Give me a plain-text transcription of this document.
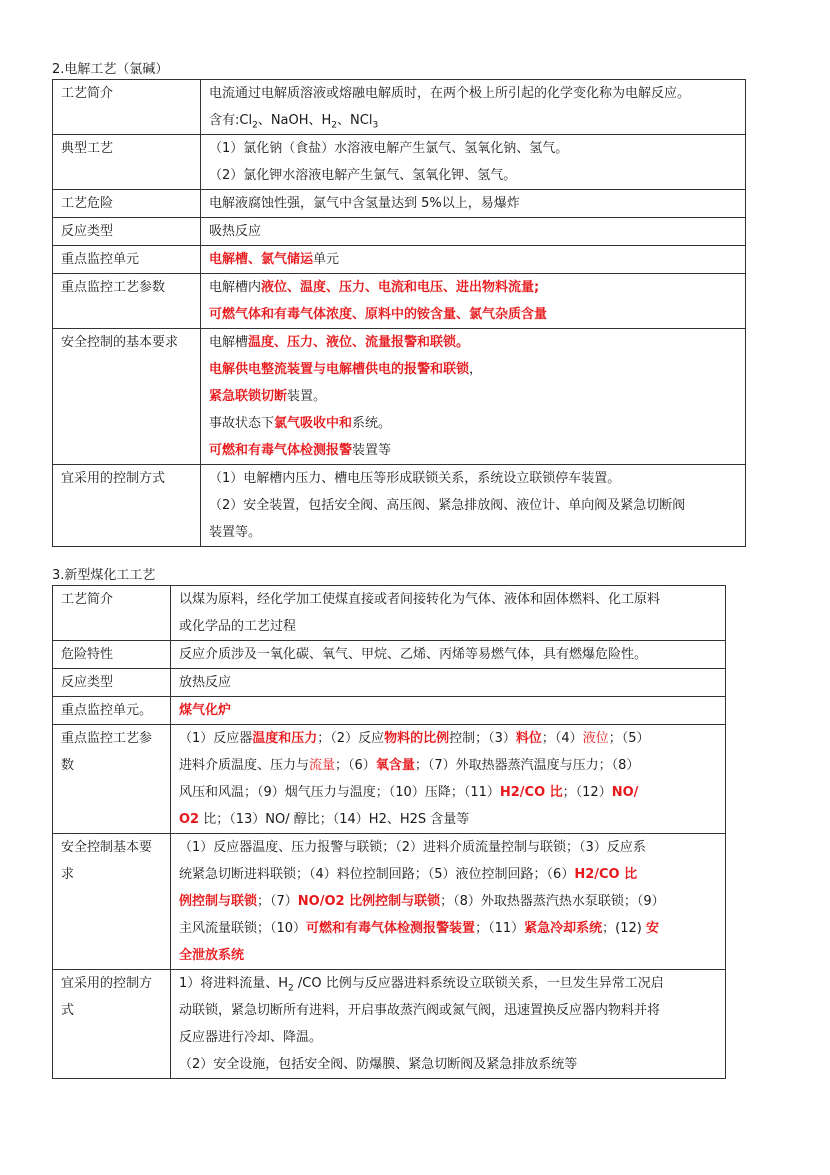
2.电解工艺（氯碱）
工艺简介	电流通过电解质溶液或熔融电解质时，在两个极上所引起的化学变化称为电解反应。
含有$:Cl_2$、NaOH、$H_2$、NCl$_3$

典型工艺	（1）氯化钠（食盐）水溶液电解产生氯气、氢氧化钠、氢气。
（2）氯化钾水溶液电解产生氯气、氢氧化钾、氢气。

工艺危险	电解液腐蚀性强，氯气中含氢量达到 5%以上，易爆炸
反应类型	吸热反应
重点监控单元	电解槽、氯气储运单元
重点监控工艺参数	电解槽内液位、温度、压力、电流和电压、进出物料流量;
可燃气体和有毒气体浓度、原料中的铵含量、氯气杂质含量

安全控制的基本要求	电解槽温度、压力、液位、流量报警和联锁。
电解供电整流装置与电解槽供电的报警和联锁，
紧急联锁切断装置。
事故状态下氯气吸收中和系统。
可燃和有毒气体检测报警装置等

宜采用的控制方式	（1）电解槽内压力、槽电压等形成联锁关系，系统设立联锁停车装置。
（2）安全装置，包括安全阀、高压阀、紧急排放阀、液位计、单向阀及紧急切断阀
装置等。
3.新型煤化工工艺
工艺简介	以煤为原料，经化学加工使煤直接或者间接转化为气体、液体和固体燃料、化工原料
或化学品的工艺过程

危险特性	反应介质涉及一氧化碳、氧气、甲烷、乙烯、丙烯等易燃气体，具有燃爆危险性。
反应类型	放热反应
重点监控单元。	煤气化炉

重点监控工艺参
数	（1）反应器温度和压力；（2）反应物料的比例控制；（3）料位；（4）液位；（5）
进料介质温度、压力与流量；（6）氧含量；（7）外取热器蒸汽温度与压力；（8）
风压和风温；（9）烟气压力与温度；（10）压降；（11）H2/CO 比；（12）NO/
O2 比；（13）NO/ 醇比；（14）H2、H2S 含量等

安全控制基本要
求	（1）反应器温度、压力报警与联锁；（2）进料介质流量控制与联锁；（3）反应系
统紧急切断进料联锁；（4）料位控制回路；（5）液位控制回路；（6）H2/CO 比
例控制与联锁；（7）NO/O2 比例控制与联锁；（8）外取热器蒸汽热水泵联锁；（9）
主风流量联锁；（10）可燃和有毒气体检测报警装置；（11）紧急冷却系统；(12) 安
全泄放系统

宜采用的控制方
式	1）将进料流量、$H_2$ /CO 比例与反应器进料系统设立联锁关系，一旦发生异常工况启
动联锁，紧急切断所有进料，开启事故蒸汽阀或氮气阀，迅速置换反应器内物料并将
反应器进行冷却、降温。
（2）安全设施，包括安全阀、防爆膜、紧急切断阀及紧急排放系统等
